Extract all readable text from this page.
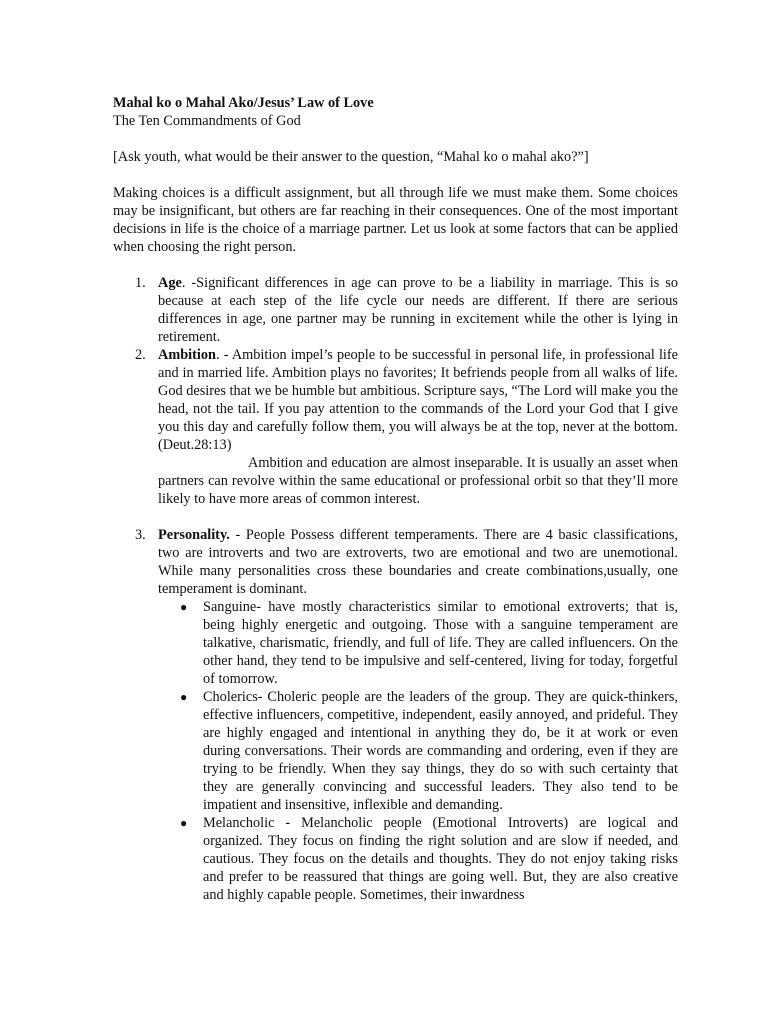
Mahal ko o Mahal Ako/Jesus’ Law of Love

The Ten Commandments of God

[Ask youth, what would be their answer to the question, “Mahal ko o mahal ako?”]

Making choices is a difficult assignment, but all through life we must make them. Some choices may be insignificant, but others are far reaching in their consequences. One of the most important decisions in life is the choice of a marriage partner. Let us look at some factors that can be applied when choosing the right person.

1. Age. -Significant differences in age can prove to be a liability in marriage. This is so because at each step of the life cycle our needs are different. If there are serious differences in age, one partner may be running in excitement while the other is lying in retirement.
2. Ambition. - Ambition impel’s people to be successful in personal life, in professional life and in married life. Ambition plays no favorites; It befriends people from all walks of life. God desires that we be humble but ambitious. Scripture says, “The Lord will make you the head, not the tail. If you pay attention to the commands of the Lord your God that I give you this day and carefully follow them, you will always be at the top, never at the bottom. (Deut.28:13)

Ambition and education are almost inseparable. It is usually an asset when partners can revolve within the same educational or professional orbit so that they’ll more likely to have more areas of common interest.

3. Personality. - People Possess different temperaments. There are 4 basic classifications, two are introverts and two are extroverts, two are emotional and two are unemotional. While many personalities cross these boundaries and create combinations,usually, one temperament is dominant.
● Sanguine- have mostly characteristics similar to emotional extroverts; that is, being highly energetic and outgoing. Those with a sanguine temperament are talkative, charismatic, friendly, and full of life. They are called influencers. On the other hand, they tend to be impulsive and self-centered, living for today, forgetful of tomorrow.
● Cholerics- Choleric people are the leaders of the group. They are quick-thinkers, effective influencers, competitive, independent, easily annoyed, and prideful. They are highly engaged and intentional in anything they do, be it at work or even during conversations. Their words are commanding and ordering, even if they are trying to be friendly. When they say things, they do so with such certainty that they are generally convincing and successful leaders. They also tend to be impatient and insensitive, inflexible and demanding.
● Melancholic - Melancholic people (Emotional Introverts) are logical and organized. They focus on finding the right solution and are slow if needed, and cautious. They focus on the details and thoughts. They do not enjoy taking risks and prefer to be reassured that things are going well. But, they are also creative and highly capable people. Sometimes, their inwardness
